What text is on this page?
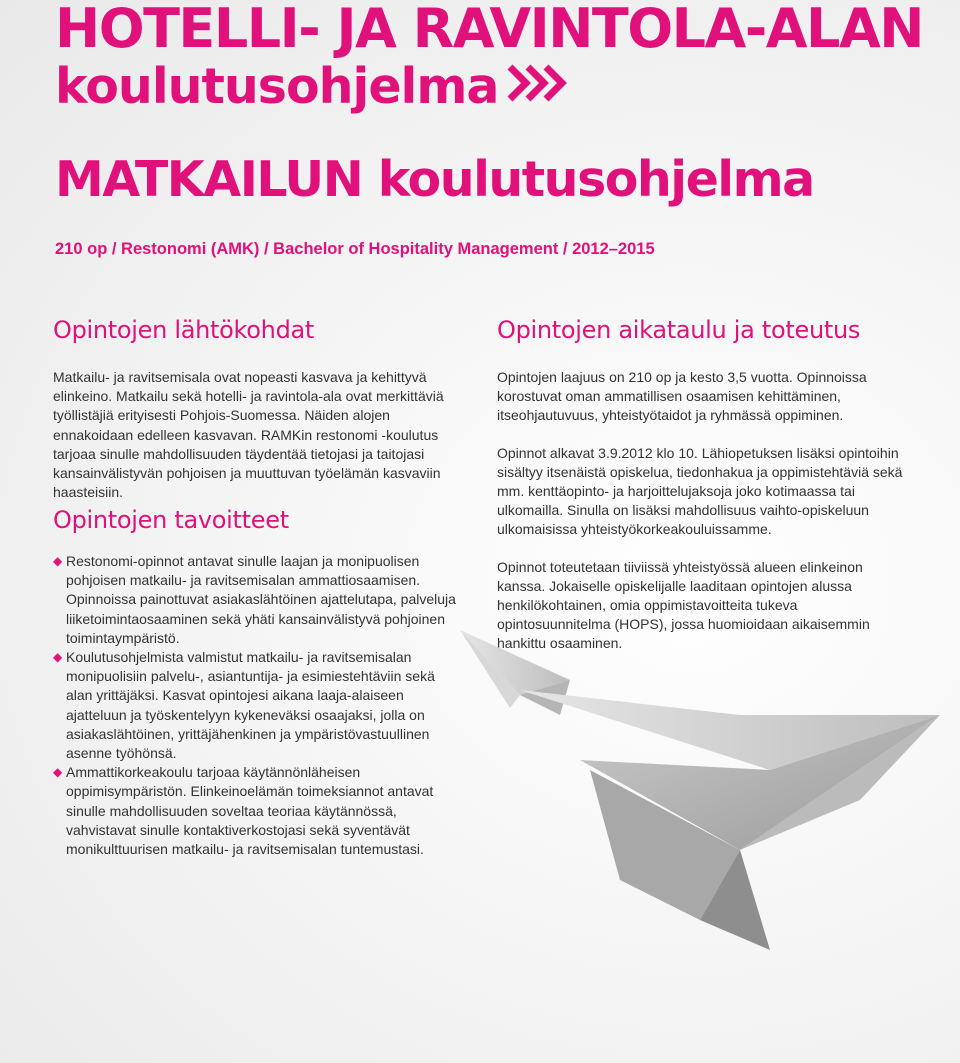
HOTELLI- JA RAVINTOLA-ALAN
koulutusohjelma
MATKAILUN koulutusohjelma

210 op / Restonomi (AMK) / Bachelor of Hospitality Management / 2012–2015

Opintojen lähtökohdat

Matkailu- ja ravitsemisala ovat nopeasti kasvava ja kehittyvä elinkeino. Matkailu sekä hotelli- ja ravintola-ala ovat merkittäviä työllistäjiä erityisesti Pohjois-Suomessa. Näiden alojen ennakoidaan edelleen kasvavan. RAMKin restonomi -koulutus tarjoaa sinulle mahdollisuuden täydentää tietojasi ja taitojasi kansainvälistyvän pohjoisen ja muuttuvan työelämän kasvaviin haasteisiin.

Opintojen tavoitteet
◆ Restonomi-opinnot antavat sinulle laajan ja monipuolisen pohjoisen matkailu- ja ravitsemisalan ammattiosaamisen. Opinnoissa painottuvat asiakaslähtöinen ajattelutapa, palveluja liiketoimintaosaaminen sekä yhäti kansainvälistyvä pohjoinen toimintaympäristö.
◆ Koulutusohjelmista valmistut matkailu- ja ravitsemisalan monipuolisiin palvelu-, asiantuntija- ja esimiestehtäviin sekä alan yrittäjäksi. Kasvat opintojesi aikana laaja-alaiseen ajatteluun ja työskentelyyn kykeneväksi osaajaksi, jolla on asiakaslähtöinen, yrittäjähenkinen ja ympäristövastuullinen asenne työhönsä.
◆ Ammattikorkeakoulu tarjoaa käytännönläheisen oppimisympäristön. Elinkeinoelämän toimeksiannot antavat sinulle mahdollisuuden soveltaa teoriaa käytännössä, vahvistavat sinulle kontaktiverkostojasi sekä syventävät monikulttuurisen matkailu- ja ravitsemisalan tuntemustasi.
Opintojen aikataulu ja toteutus

Opintojen laajuus on 210 op ja kesto 3,5 vuotta. Opinnoissa korostuvat oman ammatillisen osaamisen kehittäminen, itseohjautuvuus, yhteistyötaidot ja ryhmässä oppiminen.

Opinnot alkavat 3.9.2012 klo 10. Lähiopetuksen lisäksi opintoihin sisältyy itsenäistä opiskelua, tiedonhakua ja oppimistehtäviä sekä mm. kenttäopinto- ja harjoittelujaksoja joko kotimaassa tai ulkomailla. Sinulla on lisäksi mahdollisuus vaihto-opiskeluun ulkomaisissa yhteistyökorkeakouluissamme.

Opinnot toteutetaan tiiviissä yhteistyössä alueen elinkeinon kanssa. Jokaiselle opiskelijalle laaditaan opintojen alussa henkilökohtainen, omia oppimistavoitteita tukeva opintosuunnitelma (HOPS), jossa huomioidaan aikaisemmin hankittu osaaminen.
